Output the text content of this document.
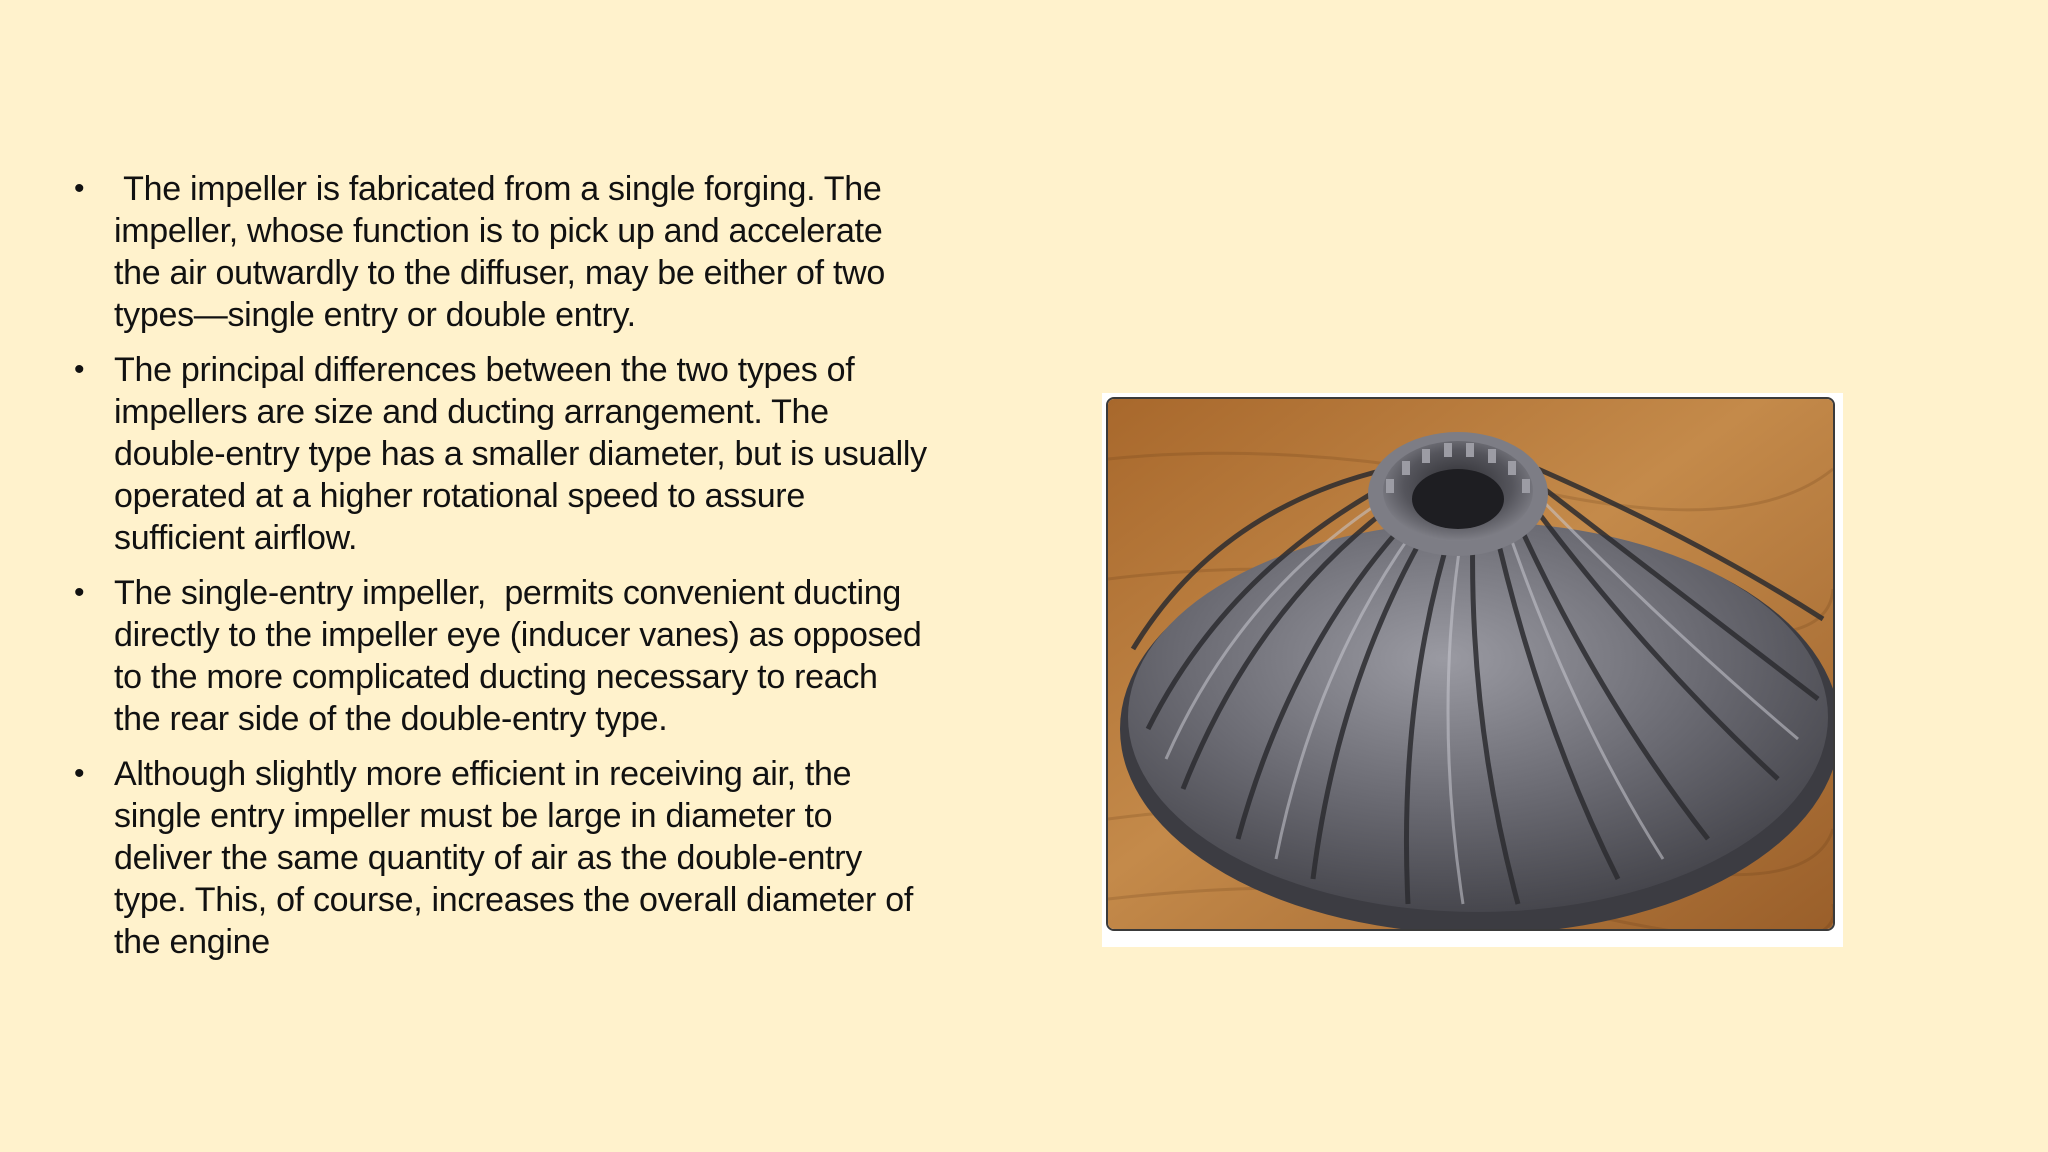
• The impeller is fabricated from a single forging. The impeller, whose function is to pick up and accelerate the air outwardly to the diffuser, may be either of two types—single entry or double entry.
• The principal differences between the two types of impellers are size and ducting arrangement. The double-entry type has a smaller diameter, but is usually operated at a higher rotational speed to assure sufficient airflow.
• The single-entry impeller,  permits convenient ducting directly to the impeller eye (inducer vanes) as opposed to the more complicated ducting necessary to reach the rear side of the double-entry type.
• Although slightly more efficient in receiving air, the single entry impeller must be large in diameter to deliver the same quantity of air as the double-entry type. This, of course, increases the overall diameter of the engine
